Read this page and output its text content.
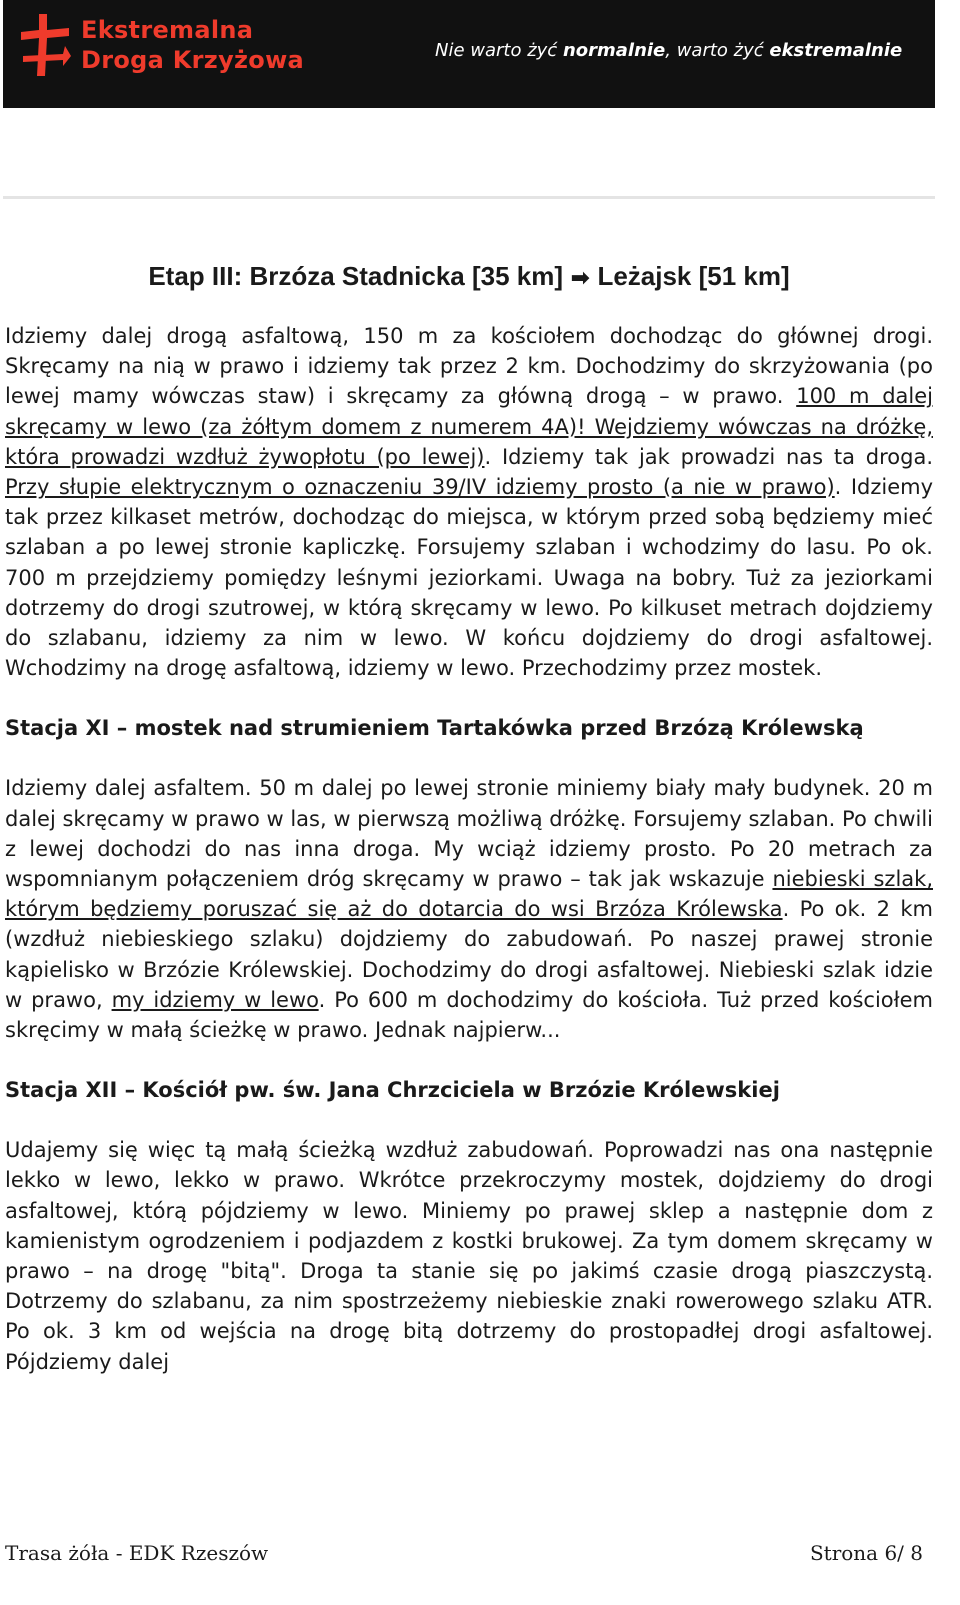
Ekstremalna
Droga Krzyżowa	Nie warto żyć normalnie, warto żyć ekstremalnie
Etap III: Brzóza Stadnicka [35 km] ➡ Leżajsk [51 km]

Idziemy dalej drogą asfaltową, 150 m za kościołem dochodząc do głównej drogi. Skręcamy na nią w prawo i idziemy tak przez 2 km. Dochodzimy do skrzyżowania (po lewej mamy wówczas staw) i skręcamy za główną drogą – w prawo. 100 m dalej skręcamy w lewo (za żółtym domem z numerem 4A)! Wejdziemy wówczas na dróżkę, która prowadzi wzdłuż żywopłotu (po lewej). Idziemy tak jak prowadzi nas ta droga. Przy słupie elektrycznym o oznaczeniu 39/IV idziemy prosto (a nie w prawo). Idziemy tak przez kilkaset metrów, dochodząc do miejsca, w którym przed sobą będziemy mieć szlaban a po lewej stronie kapliczkę. Forsujemy szlaban i wchodzimy do lasu. Po ok. 700 m przejdziemy pomiędzy leśnymi jeziorkami. Uwaga na bobry. Tuż za jeziorkami dotrzemy do drogi szutrowej, w którą skręcamy w lewo. Po kilkuset metrach dojdziemy do szlabanu, idziemy za nim w lewo. W końcu dojdziemy do drogi asfaltowej. Wchodzimy na drogę asfaltową, idziemy w lewo. Przechodzimy przez mostek.

Stacja XI – mostek nad strumieniem Tartakówka przed Brzózą Królewską

Idziemy dalej asfaltem. 50 m dalej po lewej stronie miniemy biały mały budynek. 20 m dalej skręcamy w prawo w las, w pierwszą możliwą dróżkę. Forsujemy szlaban. Po chwili z lewej dochodzi do nas inna droga. My wciąż idziemy prosto. Po 20 metrach za wspomnianym połączeniem dróg skręcamy w prawo – tak jak wskazuje niebieski szlak, którym będziemy poruszać się aż do dotarcia do wsi Brzóza Królewska. Po ok. 2 km (wzdłuż niebieskiego szlaku) dojdziemy do zabudowań. Po naszej prawej stronie kąpielisko w Brzózie Królewskiej. Dochodzimy do drogi asfaltowej. Niebieski szlak idzie w prawo, my idziemy w lewo. Po 600 m dochodzimy do kościoła. Tuż przed kościołem skręcimy w małą ścieżkę w prawo. Jednak najpierw...

Stacja XII – Kościół pw. św. Jana Chrzciciela w Brzózie Królewskiej

Udajemy się więc tą małą ścieżką wzdłuż zabudowań. Poprowadzi nas ona następnie lekko w lewo, lekko w prawo. Wkrótce przekroczymy mostek, dojdziemy do drogi asfaltowej, którą pójdziemy w lewo. Miniemy po prawej sklep a następnie dom z kamienistym ogrodzeniem i podjazdem z kostki brukowej. Za tym domem skręcamy w prawo – na drogę "bitą". Droga ta stanie się po jakimś czasie drogą piaszczystą. Dotrzemy do szlabanu, za nim spostrzeżemy niebieskie znaki rowerowego szlaku ATR. Po ok. 3 km od wejścia na drogę bitą dotrzemy do prostopadłej drogi asfaltowej. Pójdziemy dalej

Trasa żóła - EDK Rzeszów	Strona 6/ 8
